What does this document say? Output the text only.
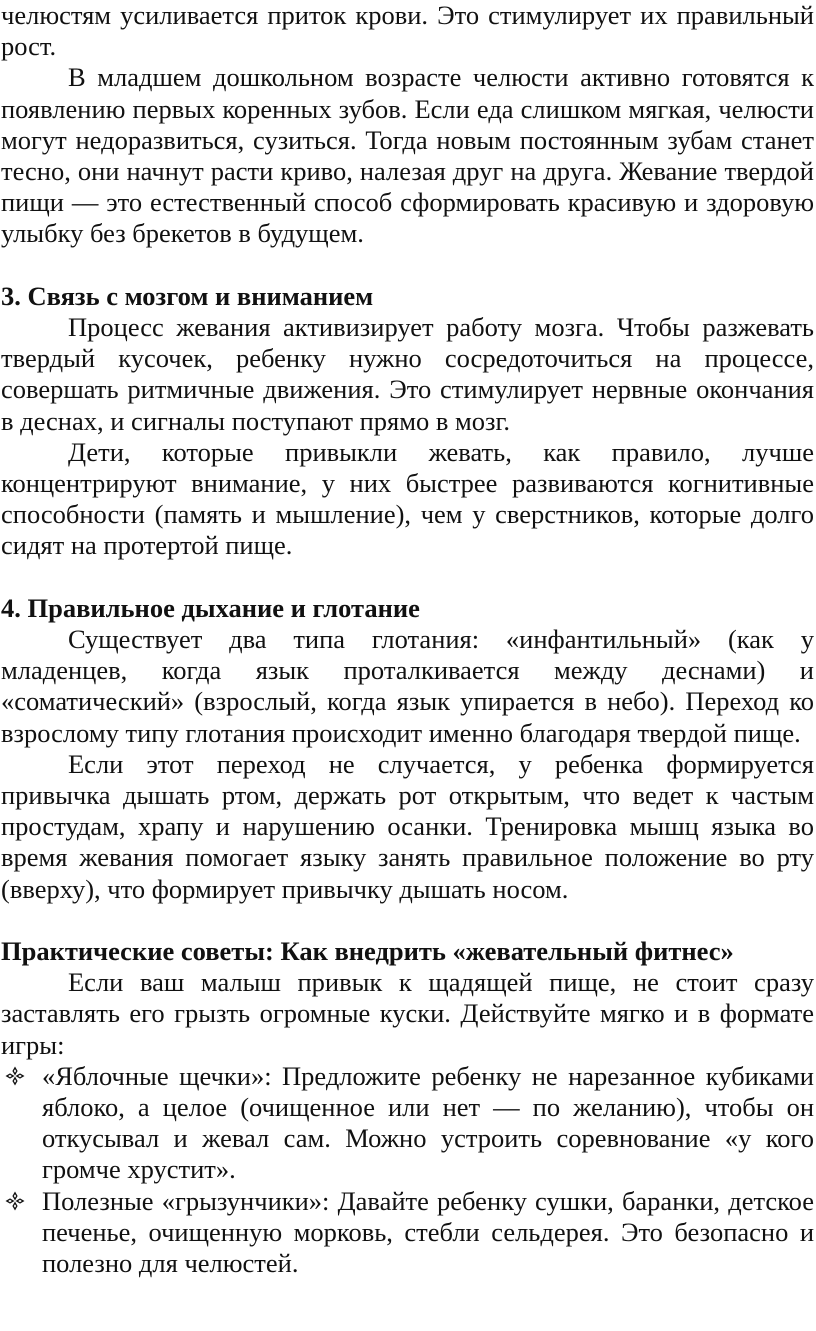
челюстям усиливается приток крови. Это стимулирует их правильный рост.

В младшем дошкольном возрасте челюсти активно готовятся к появлению первых коренных зубов. Если еда слишком мягкая, челюсти могут недоразвиться, сузиться. Тогда новым постоянным зубам станет тесно, они начнут расти криво, налезая друг на друга. Жевание твердой пищи — это естественный способ сформировать красивую и здоровую улыбку без брекетов в будущем.

3. Связь с мозгом и вниманием

Процесс жевания активизирует работу мозга. Чтобы разжевать твердый кусочек, ребенку нужно сосредоточиться на процессе, совершать ритмичные движения. Это стимулирует нервные окончания в деснах, и сигналы поступают прямо в мозг.

Дети, которые привыкли жевать, как правило, лучше концентрируют внимание, у них быстрее развиваются когнитивные способности (память и мышление), чем у сверстников, которые долго сидят на протертой пище.

4. Правильное дыхание и глотание

Существует два типа глотания: «инфантильный» (как у младенцев, когда язык проталкивается между деснами) и «соматический» (взрослый, когда язык упирается в небо). Переход ко взрослому типу глотания происходит именно благодаря твердой пище.

Если этот переход не случается, у ребенка формируется привычка дышать ртом, держать рот открытым, что ведет к частым простудам, храпу и нарушению осанки. Тренировка мышц языка во время жевания помогает языку занять правильное положение во рту (вверху), что формирует привычку дышать носом.

Практические советы: Как внедрить «жевательный фитнес»

Если ваш малыш привык к щадящей пище, не стоит сразу заставлять его грызть огромные куски. Действуйте мягко и в формате игры:

«Яблочные щечки»: Предложите ребенку не нарезанное кубиками яблоко, а целое (очищенное или нет — по желанию), чтобы он откусывал и жевал сам. Можно устроить соревнование «у кого громче хрустит».
Полезные «грызунчики»: Давайте ребенку сушки, баранки, детское печенье, очищенную морковь, стебли сельдерея. Это безопасно и полезно для челюстей.
